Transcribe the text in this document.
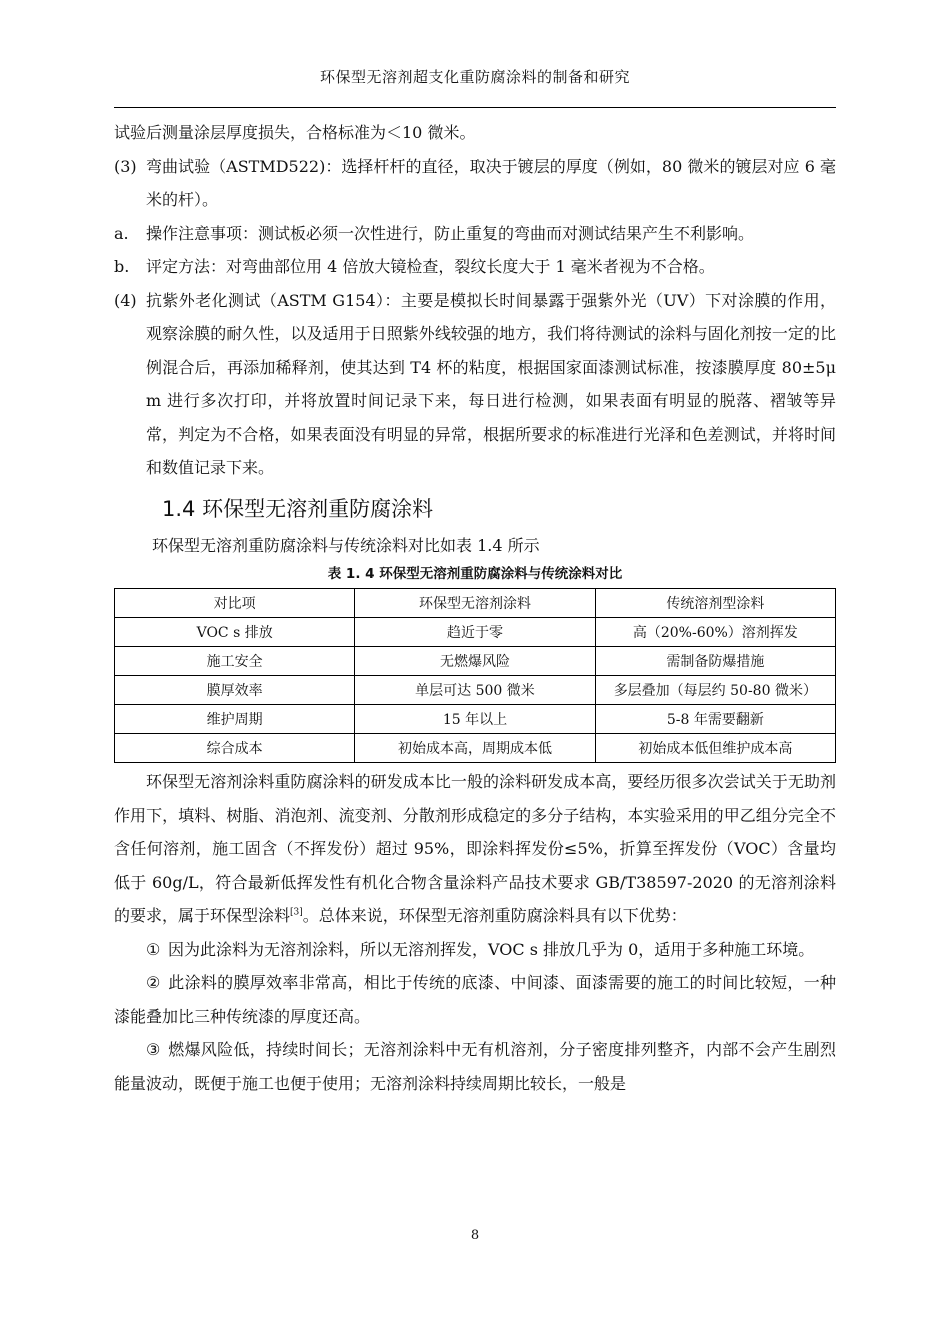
环保型无溶剂超支化重防腐涂料的制备和研究

试验后测量涂层厚度损失，合格标准为＜10 微米。

(3) 弯曲试验（ASTMD522)：选择杆杆的直径，取决于镀层的厚度（例如，80 微米的镀层对应 6 毫米的杆）。

a. 操作注意事项：测试板必须一次性进行，防止重复的弯曲而对测试结果产生不利影响。

b. 评定方法：对弯曲部位用 4 倍放大镜检查，裂纹长度大于 1 毫米者视为不合格。

(4) 抗紫外老化测试（ASTM G154）：主要是模拟长时间暴露于强紫外光（UV）下对涂膜的作用，观察涂膜的耐久性，以及适用于日照紫外线较强的地方，我们将待测试的涂料与固化剂按一定的比例混合后，再添加稀释剂，使其达到 T4 杯的粘度，根据国家面漆测试标准，按漆膜厚度 80±5μ m 进行多次打印，并将放置时间记录下来，每日进行检测，如果表面有明显的脱落、褶皱等异常，判定为不合格，如果表面没有明显的异常，根据所要求的标准进行光泽和色差测试，并将时间和数值记录下来。

1.4 环保型无溶剂重防腐涂料

环保型无溶剂重防腐涂料与传统涂料对比如表 1.4 所示

表 1. 4 环保型无溶剂重防腐涂料与传统涂料对比
对比项	环保型无溶剂涂料	传统溶剂型涂料
VOC s 排放	趋近于零	高（20%-60%）溶剂挥发
施工安全	无燃爆风险	需制备防爆措施
膜厚效率	单层可达 500 微米	多层叠加（每层约 50-80 微米）
维护周期	15 年以上	5-8 年需要翻新
综合成本	初始成本高，周期成本低	初始成本低但维护成本高

环保型无溶剂涂料重防腐涂料的研发成本比一般的涂料研发成本高，要经历很多次尝试关于无助剂作用下，填料、树脂、消泡剂、流变剂、分散剂形成稳定的多分子结构，本实验采用的甲乙组分完全不含任何溶剂，施工固含（不挥发份）超过 95%，即涂料挥发份≤5%，折算至挥发份（VOC）含量均低于 60g/L，符合最新低挥发性有机化合物含量涂料产品技术要求 GB/T38597-2020 的无溶剂涂料的要求，属于环保型涂料[3]。总体来说，环保型无溶剂重防腐涂料具有以下优势：

① 因为此涂料为无溶剂涂料，所以无溶剂挥发，VOC s 排放几乎为 0，适用于多种施工环境。

② 此涂料的膜厚效率非常高，相比于传统的底漆、中间漆、面漆需要的施工的时间比较短，一种漆能叠加比三种传统漆的厚度还高。

③ 燃爆风险低，持续时间长；无溶剂涂料中无有机溶剂，分子密度排列整齐，内部不会产生剧烈能量波动，既便于施工也便于使用；无溶剂涂料持续周期比较长，一般是

8
